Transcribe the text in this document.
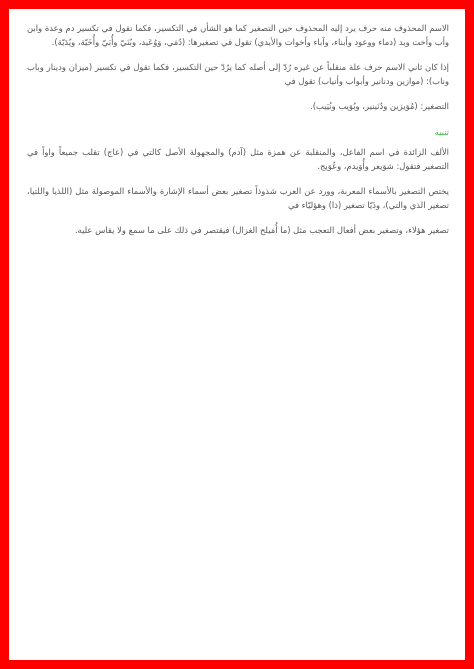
الاسم المحذوف منه حرف يرد إليه المحذوف حين التصغير كما هو الشأن في التكسير، فكما تقول في تكسير دم وعدة وابن وأب وأخت ويد (دماء ووعود وأبناء، وآباء وأخوات والأيدي) تقول في تصغيرها: (دُمَي، وَوُعَيد، وبُنَيّ وأُبَيّ وأُخَيّة، ويُدَيّة).

إذا كان ثاني الاسم حرف علة منقلباً عن غيره رُدّ إلى أصله كما يرُدّ حين التكسير، فكما تقول في تكسير (ميزان ودينار وباب وناب): (موازين ودنانير وأبواب وأنياب) تقول في

التصغير: (مُوَيزين ودُنَينير، وبُوَيب ونُيَيب).

تنبيه

الألف الزائدة في اسم الفاعل، والمنقلبة عن همزة مثل (آدم) والمجهولة الأصل كالتي في (عاج) تقلب جميعاً واواً في التصغير فتقول: شوَيعر وأُوَيدم، وعُوَيج.

يختص التصغير بالأسماء المعربة، وورد عن العرب شذوذاً تصغير بعض أسماء الإشارة والأسماء الموصولة مثل (اللذيا واللتيا، تصغير الذي والتي)، وذَيّا تصغير (ذا) وهؤليّاء في

تصغير هؤلاء، وتصغير بعض أفعال التعجب مثل (ما أُمَيلح الغزال) فيقتصر في ذلك على ما سمع ولا يقاس عليه.
